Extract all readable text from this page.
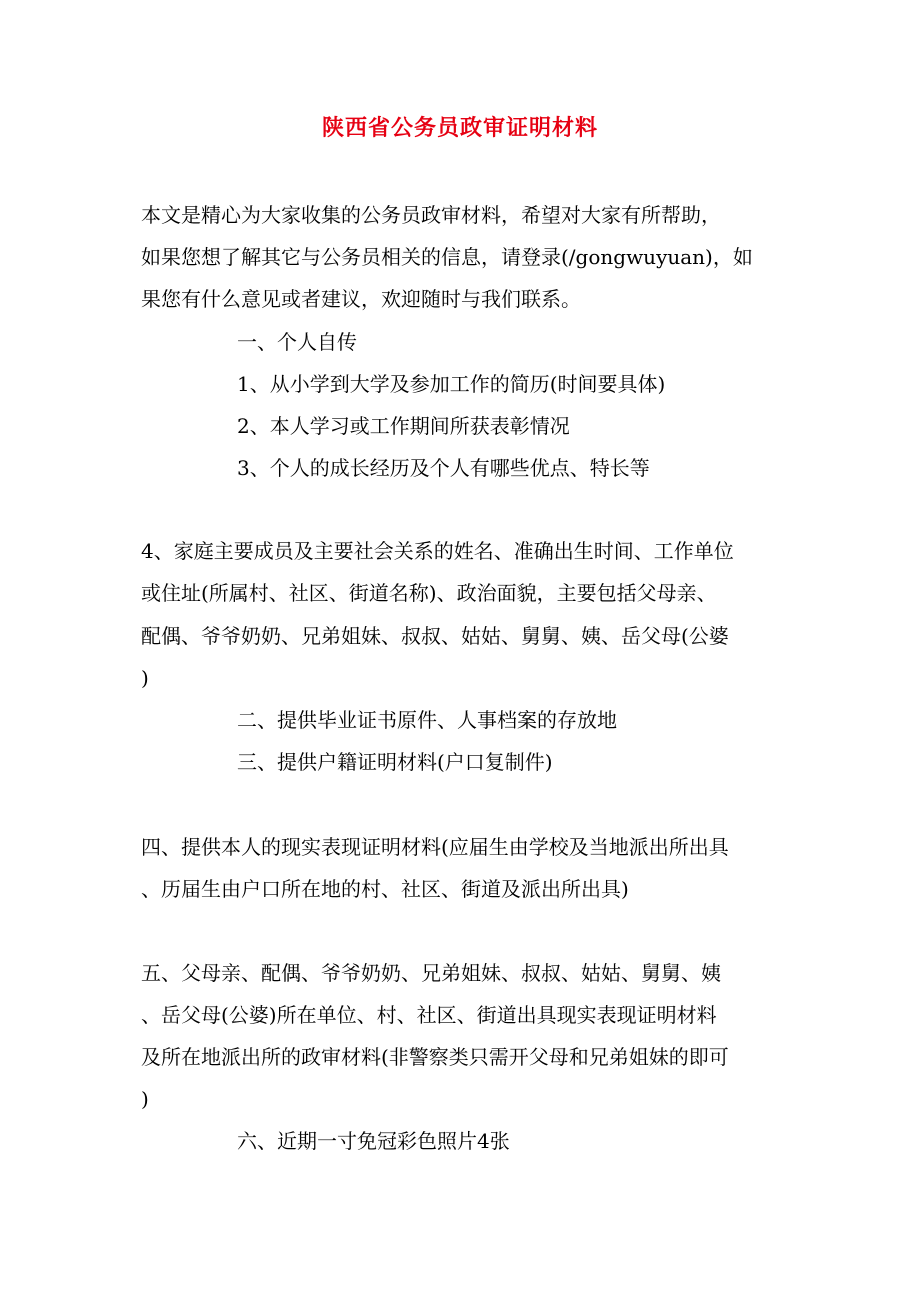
陕西省公务员政审证明材料
本文是精心为大家收集的公务员政审材料，希望对大家有所帮助，
如果您想了解其它与公务员相关的信息，请登录(/gongwuyuan)，如
果您有什么意见或者建议，欢迎随时与我们联系。
一、个人自传
1、从小学到大学及参加工作的简历(时间要具体)
2、本人学习或工作期间所获表彰情况
3、个人的成长经历及个人有哪些优点、特长等
4、家庭主要成员及主要社会关系的姓名、准确出生时间、工作单位
或住址(所属村、社区、街道名称)、政治面貌，主要包括父母亲、
配偶、爷爷奶奶、兄弟姐妹、叔叔、姑姑、舅舅、姨、岳父母(公婆
)
二、提供毕业证书原件、人事档案的存放地
三、提供户籍证明材料(户口复制件)
四、提供本人的现实表现证明材料(应届生由学校及当地派出所出具
、历届生由户口所在地的村、社区、街道及派出所出具)
五、父母亲、配偶、爷爷奶奶、兄弟姐妹、叔叔、姑姑、舅舅、姨
、岳父母(公婆)所在单位、村、社区、街道出具现实表现证明材料
及所在地派出所的政审材料(非警察类只需开父母和兄弟姐妹的即可
)
六、近期一寸免冠彩色照片4张
